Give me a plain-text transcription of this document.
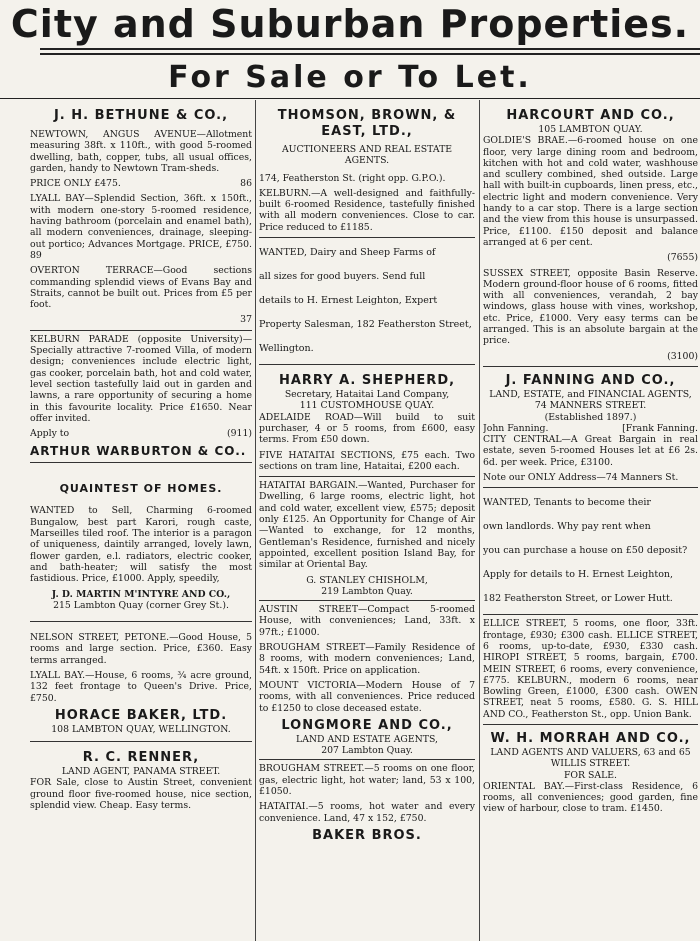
City and Suburban Properties.
For Sale or To Let.
J. H. BETHUNE & CO.,

NEWTOWN, ANGUS AVENUE—Allotment measuring 38ft. x 110ft., with good 5-roomed dwelling, bath, copper, tubs, all usual offices, garden, handy to Newtown Tram-sheds.

PRICE ONLY £475.	86

LYALL BAY—Splendid Section, 36ft. x 150ft., with modern one-story 5-roomed residence, having bathroom (porcelain and enamel bath), all modern conveniences, drainage, sleeping-out portico; Advances Mortgage. PRICE, £750. 89

OVERTON TERRACE—Good sections commanding splendid views of Evans Bay and Straits, cannot be built out. Prices from £5 per foot.

37

KELBURN PARADE (opposite University)—Specially attractive 7-roomed Villa, of modern design; conveniences include electric light, gas cooker, porcelain bath, hot and cold water, level section tastefully laid out in garden and lawns, a rare opportunity of securing a home in this favourite locality. Price £1650. Near offer invited.

Apply to	(911)

ARTHUR WARBURTON & CO..
QUAINTEST OF HOMES.

WANTED to Sell, Charming 6-roomed Bungalow, best part Karori, rough caste, Marseilles tiled roof. The interior is a paragon of uniqueness, daintily arranged, lovely lawn, flower garden, e.l. radiators, electric cooker, and bath-heater; will satisfy the most fastidious. Price, £1000. Apply, speedily,

J. D. MARTIN M'INTYRE AND CO.,
215 Lambton Quay (corner Grey St.).

NELSON STREET, PETONE.—Good House, 5 rooms and large section. Price, £360. Easy terms arranged.

LYALL BAY.—House, 6 rooms, ¾ acre ground, 132 feet frontage to Queen's Drive. Price, £750.

HORACE BAKER, LTD.
108 LAMBTON QUAY, WELLINGTON.
R. C. RENNER,
LAND AGENT, PANAMA STREET.

FOR Sale, close to Austin Street, convenient ground floor five-roomed house, nice section, splendid view. Cheap. Easy terms.

THOMSON, BROWN, & EAST, LTD.,
AUCTIONEERS AND REAL ESTATE AGENTS.

174, Featherston St. (right opp. G.P.O.).

KELBURN.—A well-designed and faithfully-built 6-roomed Residence, tastefully finished with all modern conveniences. Close to car. Price reduced to £1185.

WANTED, Dairy and Sheep Farms of
all sizes for good buyers. Send full
details to H. Ernest Leighton, Expert
Property Salesman, 182 Featherston Street,
Wellington.
HARRY A. SHEPHERD,
Secretary, Hataitai Land Company,
111 CUSTOMHOUSE QUAY.

ADELAIDE ROAD—Will build to suit purchaser, 4 or 5 rooms, from £600, easy terms. From £50 down.

FIVE HATAITAI SECTIONS, £75 each. Two sections on tram line, Hataitai, £200 each.

HATAITAI BARGAIN.—Wanted, Purchaser for Dwelling, 6 large rooms, electric light, hot and cold water, excellent view, £575; deposit only £125. An Opportunity for Change of Air—Wanted to exchange, for 12 months, Gentleman's Residence, furnished and nicely appointed, excellent position Island Bay, for similar at Oriental Bay.

G. STANLEY CHISHOLM,
219 Lambton Quay.

AUSTIN STREET—Compact 5-roomed House, with conveniences; Land, 33ft. x 97ft.; £1000.

BROUGHAM STREET—Family Residence of 8 rooms, with modern conveniences; Land, 54ft. x 150ft. Price on application.

MOUNT VICTORIA—Modern House of 7 rooms, with all conveniences. Price reduced to £1250 to close deceased estate.

LONGMORE AND CO.,
LAND AND ESTATE AGENTS,
207 Lambton Quay.

BROUGHAM STREET.—5 rooms on one floor, gas, electric light, hot water; land, 53 x 100, £1050.

HATAITAI.—5 rooms, hot water and every convenience. Land, 47 x 152, £750.

BAKER BROS.
HARCOURT AND CO.,
105 LAMBTON QUAY.

GOLDIE'S BRAE.—6-roomed house on one floor, very large dining room and bedroom, kitchen with hot and cold water, washhouse and scullery combined, shed outside. Large hall with built-in cupboards, linen press, etc., electric light and modern convenience. Very handy to a car stop. There is a large section and the view from this house is unsurpassed. Price, £1100. £150 deposit and balance arranged at 6 per cent.

(7655)

SUSSEX STREET, opposite Basin Reserve. Modern ground-floor house of 6 rooms, fitted with all conveniences, verandah, 2 bay windows, glass house with vines, workshop, etc. Price, £1000. Very easy terms can be arranged. This is an absolute bargain at the price.

(3100)

J. FANNING AND CO.,
LAND, ESTATE, and FINANCIAL AGENTS,
74 MANNERS STREET.
(Established 1897.)
John Fanning.	[Frank Fanning.

CITY CENTRAL—A Great Bargain in real estate, seven 5-roomed Houses let at £6 2s. 6d. per week. Price, £3100.

Note our ONLY Address—74 Manners St.

WANTED, Tenants to become their
own landlords. Why pay rent when
you can purchase a house on £50 deposit?
Apply for details to H. Ernest Leighton,
182 Featherston Street, or Lower Hutt.

ELLICE STREET, 5 rooms, one floor, 33ft. frontage, £930; £300 cash. ELLICE STREET, 6 rooms, up-to-date, £930, £330 cash. HIROPI STREET, 5 rooms, bargain, £700. MEIN STREET, 6 rooms, every convenience, £775. KELBURN., modern 6 rooms, near Bowling Green, £1000, £300 cash. OWEN STREET, neat 5 rooms, £580. G. S. HILL AND CO., Featherston St., opp. Union Bank.

W. H. MORRAH AND CO.,
LAND AGENTS AND VALUERS, 63 and 65 WILLIS STREET.
FOR SALE.

ORIENTAL BAY.—First-class Residence, 6 rooms, all conveniences; good garden, fine view of harbour, close to tram. £1450.
